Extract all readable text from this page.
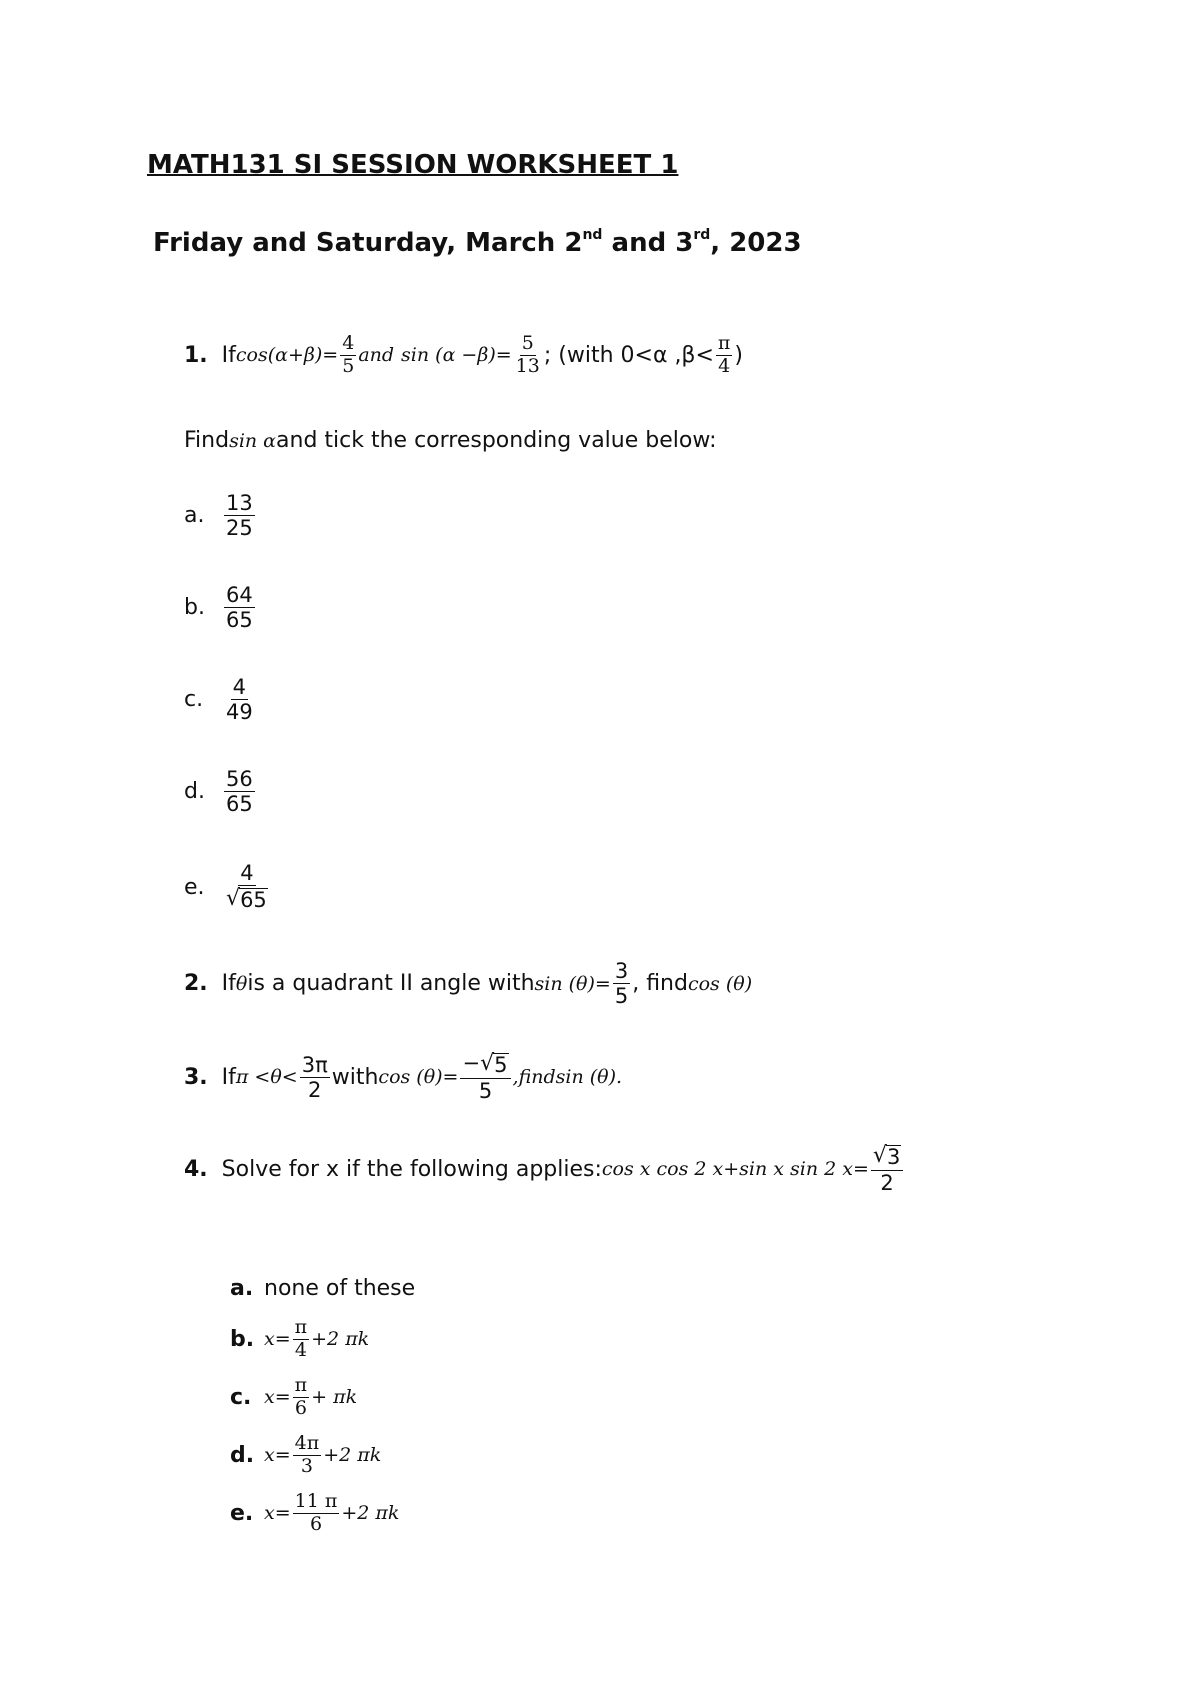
MATH131 SI SESSION WORKSHEET 1
Friday and Saturday, March 2nd and 3rd, 2023
1. If $\cos(\alpha+\beta)= \frac{4}{5}$ and
$\sin (\alpha -\beta)= \frac{5}{13}$ ; (with 0<α $,\beta< \frac{\pi}{4}$ )
Find sin α and tick the corresponding value below:
a. $\frac{13}{25}$
b. $\frac{64}{65}$
c. $\frac{4}{49}$
d. $\frac{56}{65}$
e. $\frac{4}{√ 65}$
2. If θ is a quadrant II angle with $\sin (\theta)= \frac{3}{5}$ , find cos (θ)
3. If $\pi <\theta< \frac{3\pi}{2}$ with $\cos (\theta)= \frac{- √ 5}{5}$ ,find sin (θ).
4. Solve for x if the following applies: cos x cos 2 x+sin x sin 2 $x= \frac{√ 3}{2}$
a. none of these
b. $x= \frac{\pi}{4} +2$ πk
c. $x= \frac{\pi}{6} + \pi k$
d. $x= \frac{4\pi}{3} +2$ πk
e. $x= \frac{11 \pi}{6} +2$ πk
